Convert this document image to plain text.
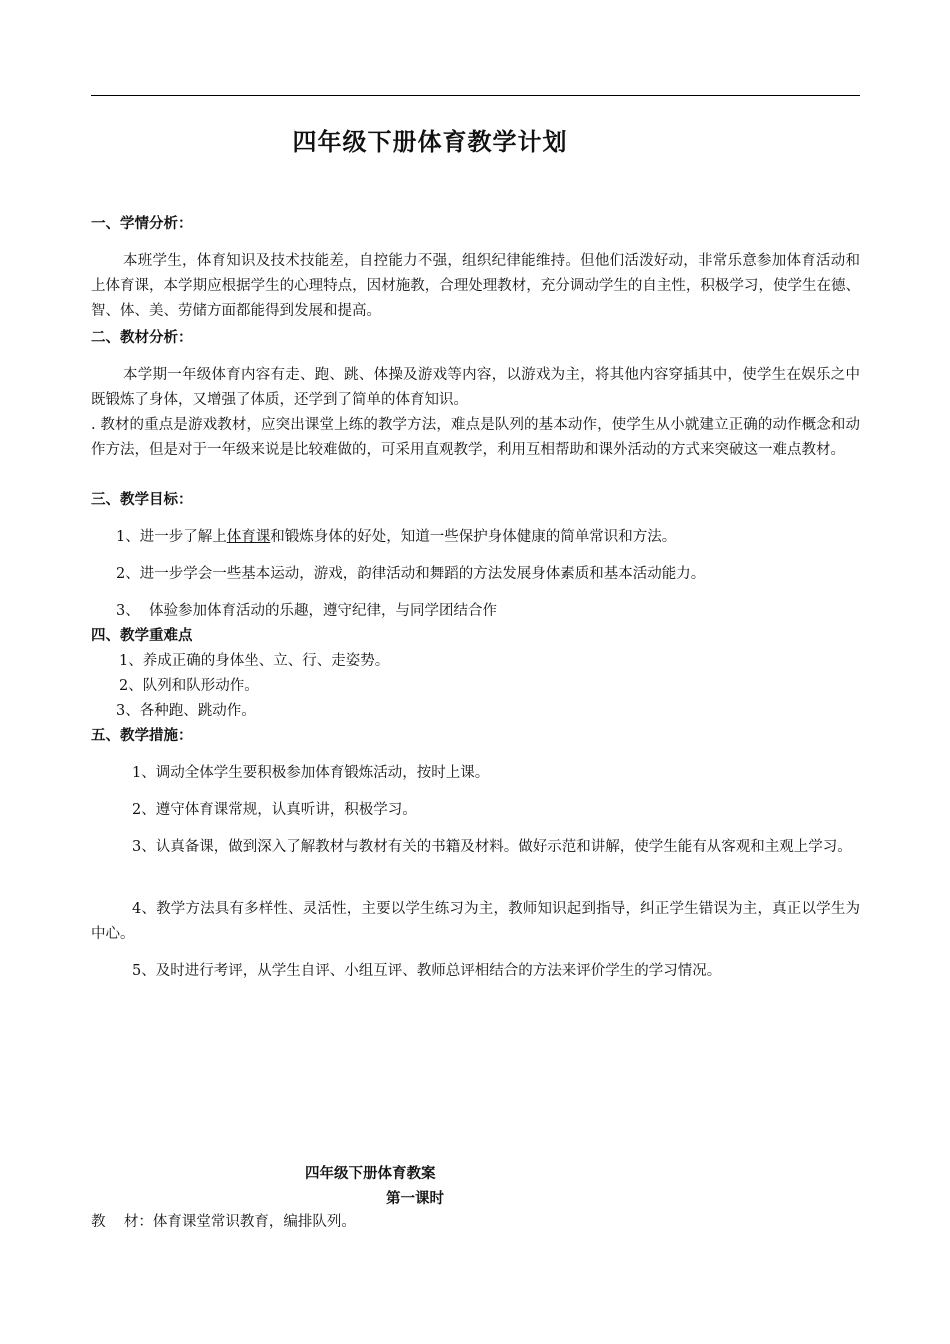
四年级下册体育教学计划
一、学情分析：
本班学生，体育知识及技术技能差，自控能力不强，组织纪律能维持。但他们活泼好动，非常乐意参加体育活动和上体育课，本学期应根据学生的心理特点，因材施教，合理处理教材，充分调动学生的自主性，积极学习，使学生在德、智、体、美、劳储方面都能得到发展和提高。
二、教材分析：
本学期一年级体育内容有走、跑、跳、体操及游戏等内容，以游戏为主，将其他内容穿插其中，使学生在娱乐之中既锻炼了身体，又增强了体质，还学到了简单的体育知识。
. 教材的重点是游戏教材，应突出课堂上练的教学方法，难点是队列的基本动作，使学生从小就建立正确的动作概念和动作方法，但是对于一年级来说是比较难做的，可采用直观教学，利用互相帮助和课外活动的方式来突破这一难点教材。
三、教学目标：
1、进一步了解上体育课和锻炼身体的好处，知道一些保护身体健康的简单常识和方法。
2、进一步学会一些基本运动，游戏，韵律活动和舞蹈的方法发展身体素质和基本活动能力。
3、  体验参加体育活动的乐趣，遵守纪律，与同学团结合作
四、教学重难点
1、养成正确的身体坐、立、行、走姿势。
2、队列和队形动作。
3、各种跑、跳动作。
五、教学措施：
1、调动全体学生要积极参加体育锻炼活动，按时上课。
2、遵守体育课常规，认真听讲，积极学习。
3、认真备课，做到深入了解教材与教材有关的书籍及材料。做好示范和讲解，使学生能有从客观和主观上学习。
4、教学方法具有多样性、灵活性，主要以学生练习为主，教师知识起到指导，纠正学生错误为主，真正以学生为中心。
5、及时进行考评，从学生自评、小组互评、教师总评相结合的方法来评价学生的学习情况。
四年级下册体育教案
第一课时
教    材：体育课堂常识教育，编排队列。
